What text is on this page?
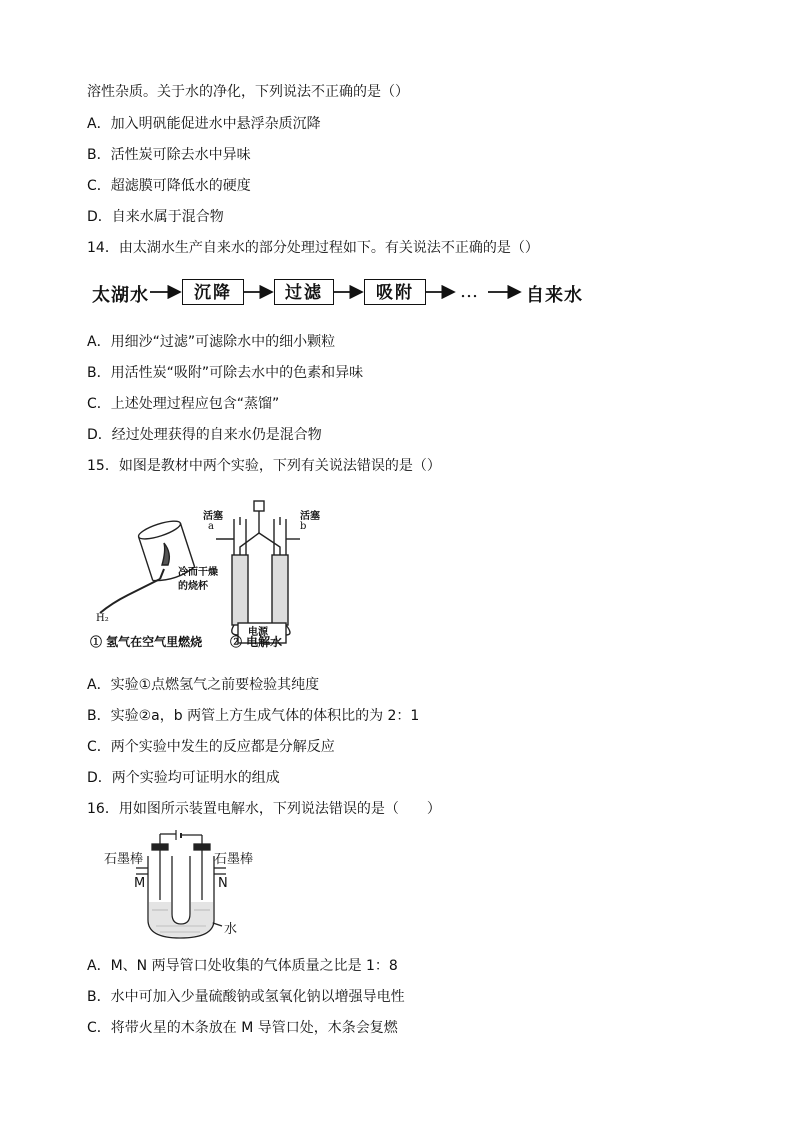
溶性杂质。关于水的净化，下列说法不正确的是（）
A．加入明矾能促进水中悬浮杂质沉降
B．活性炭可除去水中异味
C．超滤膜可降低水的硬度
D．自来水属于混合物
14．由太湖水生产自来水的部分处理过程如下。有关说法不正确的是（）
太湖水	沉降	过滤	吸附	…	自来水
A．用细沙“过滤”可滤除水中的细小颗粒
B．用活性炭“吸附”可除去水中的色素和异味
C．上述处理过程应包含“蒸馏”
D．经过处理获得的自来水仍是混合物
15．如图是教材中两个实验，下列有关说法错误的是（）
活塞
a
活塞
b
冷而干燥
的烧杯
H₂
电源
① 氢气在空气里燃烧 ② 电解水
A．实验①点燃氢气之前要检验其纯度
B．实验②a，b 两管上方生成气体的体积比的为 2：1
C．两个实验中发生的反应都是分解反应
D．两个实验均可证明水的组成
16．用如图所示装置电解水，下列说法错误的是（　　）
石墨棒	石墨棒
M	N
水
A．M、N 两导管口处收集的气体质量之比是 1：8
B．水中可加入少量硫酸钠或氢氧化钠以增强导电性
C．将带火星的木条放在 M 导管口处，木条会复燃
